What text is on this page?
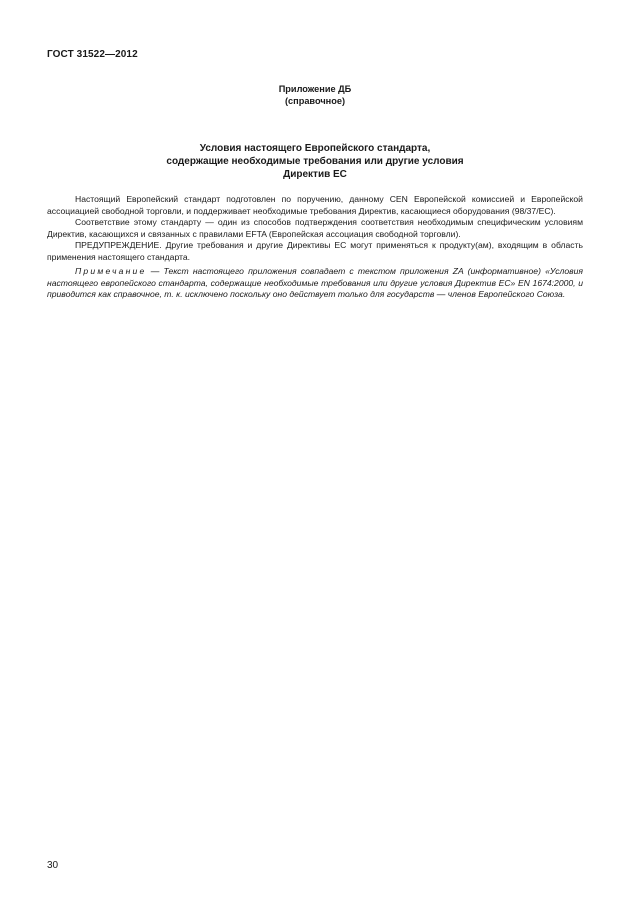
ГОСТ 31522—2012
Приложение ДБ
(справочное)
Условия настоящего Европейского стандарта,
содержащие необходимые требования или другие условия
Директив ЕС

Настоящий Европейский стандарт подготовлен по поручению, данному CEN Европейской комиссией и Европейской ассоциацией свободной торговли, и поддерживает необходимые требования Директив, касающиеся оборудования (98/37/EC).

Соответствие этому стандарту — один из способов подтверждения соответствия необходимым специфическим условиям Директив, касающихся и связанных с правилами EFTA (Европейская ассоциация свободной торговли).

ПРЕДУПРЕЖДЕНИЕ. Другие требования и другие Директивы ЕС могут применяться к продукту(ам), входящим в область применения настоящего стандарта.

Примечание — Текст настоящего приложения совпадает с текстом приложения ZA (информативное) «Условия настоящего европейского стандарта, содержащие необходимые требования или другие условия Директив ЕС» EN 1674:2000, и приводится как справочное, т. к. исключено поскольку оно действует только для государств — членов Европейского Союза.

30
